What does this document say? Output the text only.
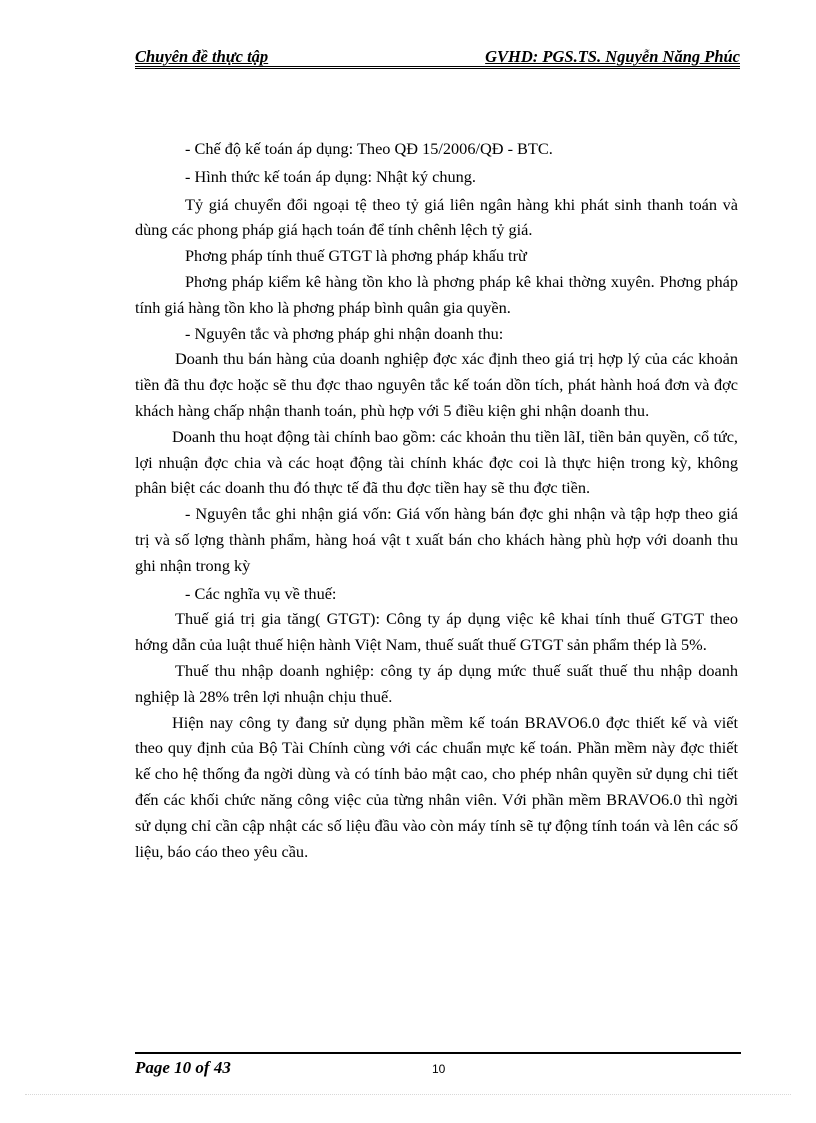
Chuyên đề thực tập	GVHD: PGS.TS. Nguyễn Năng Phúc

- Chế độ kế toán áp dụng: Theo QĐ 15/2006/QĐ - BTC.

- Hình thức kế toán áp dụng: Nhật ký chung.

Tỷ giá chuyển đổi ngoại tệ theo tỷ giá liên ngân hàng khi phát sinh thanh toán và dùng các phong pháp giá hạch toán để tính chênh lệch tỷ giá.

Phơng pháp tính thuế GTGT là phơng pháp khấu trừ

Phơng pháp kiểm kê hàng tồn kho là phơng pháp kê khai thờng xuyên. Phơng pháp tính giá hàng tồn kho là phơng pháp bình quân gia quyền.

- Nguyên tắc và phơng pháp ghi nhận doanh thu:

Doanh thu bán hàng của doanh nghiệp đợc xác định theo giá trị hợp lý của các khoản tiền đã thu đợc hoặc sẽ thu đợc thao nguyên tắc kế toán dồn tích, phát hành hoá đơn và đợc khách hàng chấp nhận thanh toán, phù hợp với 5 điều kiện ghi nhận doanh thu.

Doanh thu hoạt động tài chính bao gồm: các khoản thu tiền lãI, tiền bản quyền, cổ tức, lợi nhuận đợc chia và các hoạt động tài chính khác đợc coi là thực hiện trong kỳ, không phân biệt các doanh thu đó thực tế đã thu đợc tiền hay sẽ thu đợc tiền.

- Nguyên tắc ghi nhận giá vốn: Giá vốn hàng bán đợc ghi nhận và tập hợp theo giá trị và số lợng thành phẩm, hàng hoá vật t xuất bán cho khách hàng phù hợp với doanh thu ghi nhận trong kỳ

- Các nghĩa vụ về thuế:

Thuế giá trị gia tăng( GTGT): Công ty áp dụng việc kê khai tính thuế GTGT theo hớng dẫn của luật thuế hiện hành Việt Nam, thuế suất thuế GTGT sản phẩm thép là 5%.

Thuế thu nhập doanh nghiệp: công ty áp dụng mức thuế suất thuế thu nhập doanh nghiệp là 28% trên lợi nhuận chịu thuế.

Hiện nay công ty đang sử dụng phần mềm kế toán BRAVO6.0 đợc thiết kế và viết theo quy định của Bộ Tài Chính cùng với các chuẩn mực kế toán. Phần mềm này đợc thiết kế cho hệ thống đa ngời dùng và có tính bảo mật cao, cho phép nhân quyền sử dụng chi tiết đến các khối chức năng công việc của từng nhân viên. Với phần mềm BRAVO6.0 thì ngời sử dụng chỉ cần cập nhật các số liệu đầu vào còn máy tính sẽ tự động tính toán và lên các số liệu, báo cáo theo yêu cầu.

Page 10 of 43	10
